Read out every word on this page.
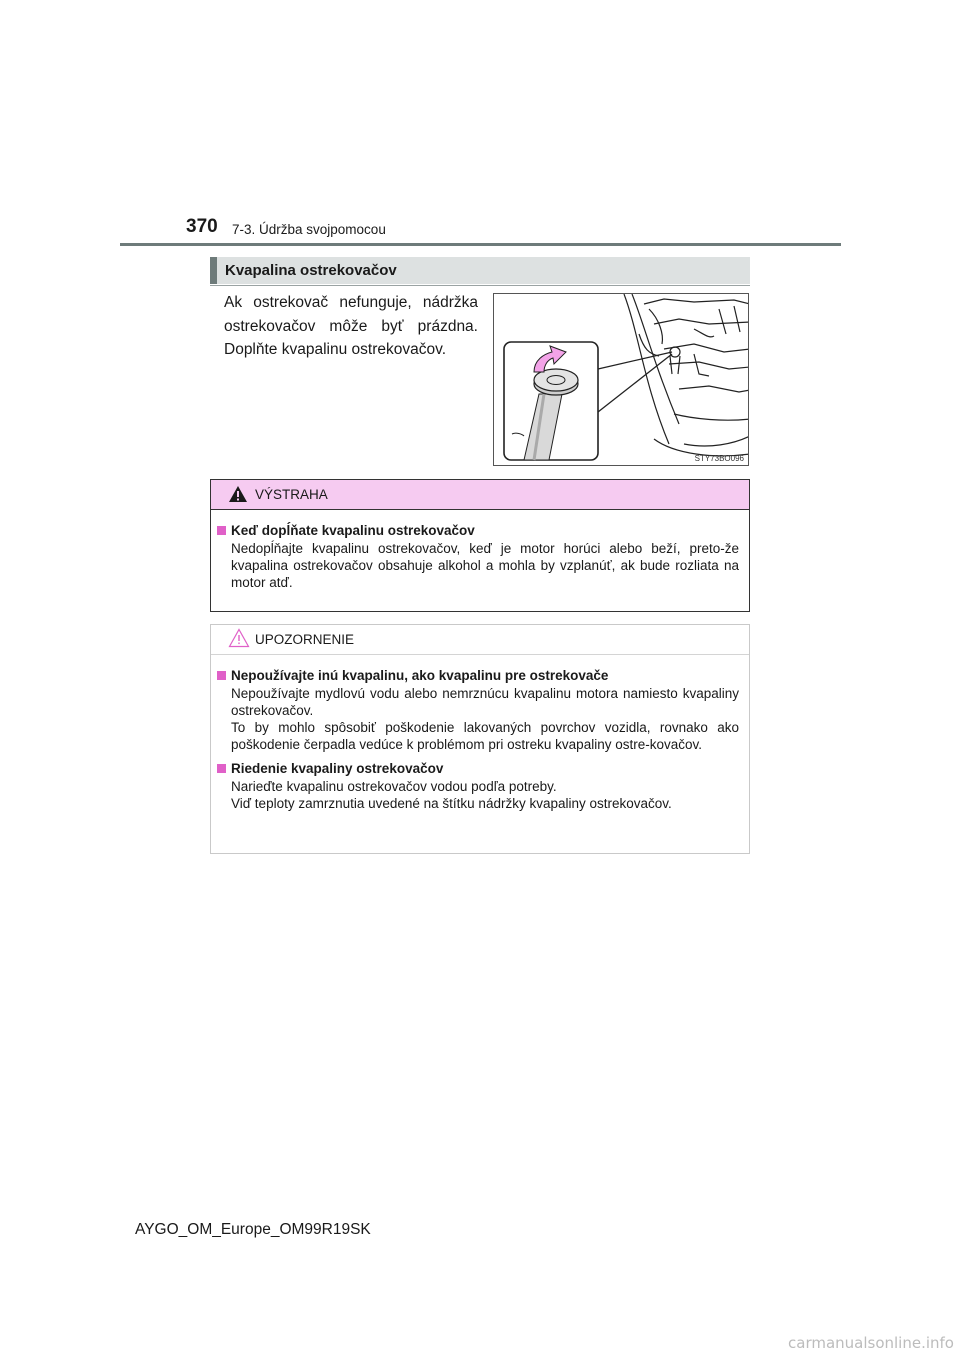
370 7-3. Údržba svojpomocou
Kvapalina ostrekovačov
Ak ostrekovač nefunguje, nádržka ostrekovačov môže byť prázdna. Doplňte kvapalinu ostrekovačov.
STY73BO096
VÝSTRAHA
Keď dopĺňate kvapalinu ostrekovačov
Nedopĺňajte kvapalinu ostrekovačov, keď je motor horúci alebo beží, preto-že kvapalina ostrekovačov obsahuje alkohol a mohla by vzplanúť, ak bude rozliata na motor atď.
UPOZORNENIE
Nepoužívajte inú kvapalinu, ako kvapalinu pre ostrekovače
Nepoužívajte mydlovú vodu alebo nemrznúcu kvapalinu motora namiesto kvapaliny ostrekovačov.
To by mohlo spôsobiť poškodenie lakovaných povrchov vozidla, rovnako ako poškodenie čerpadla vedúce k problémom pri ostreku kvapaliny ostre-kovačov.
Riedenie kvapaliny ostrekovačov
Narieďte kvapalinu ostrekovačov vodou podľa potreby.
Viď teploty zamrznutia uvedené na štítku nádržky kvapaliny ostrekovačov.
AYGO_OM_Europe_OM99R19SK
carmanualsonline.info
